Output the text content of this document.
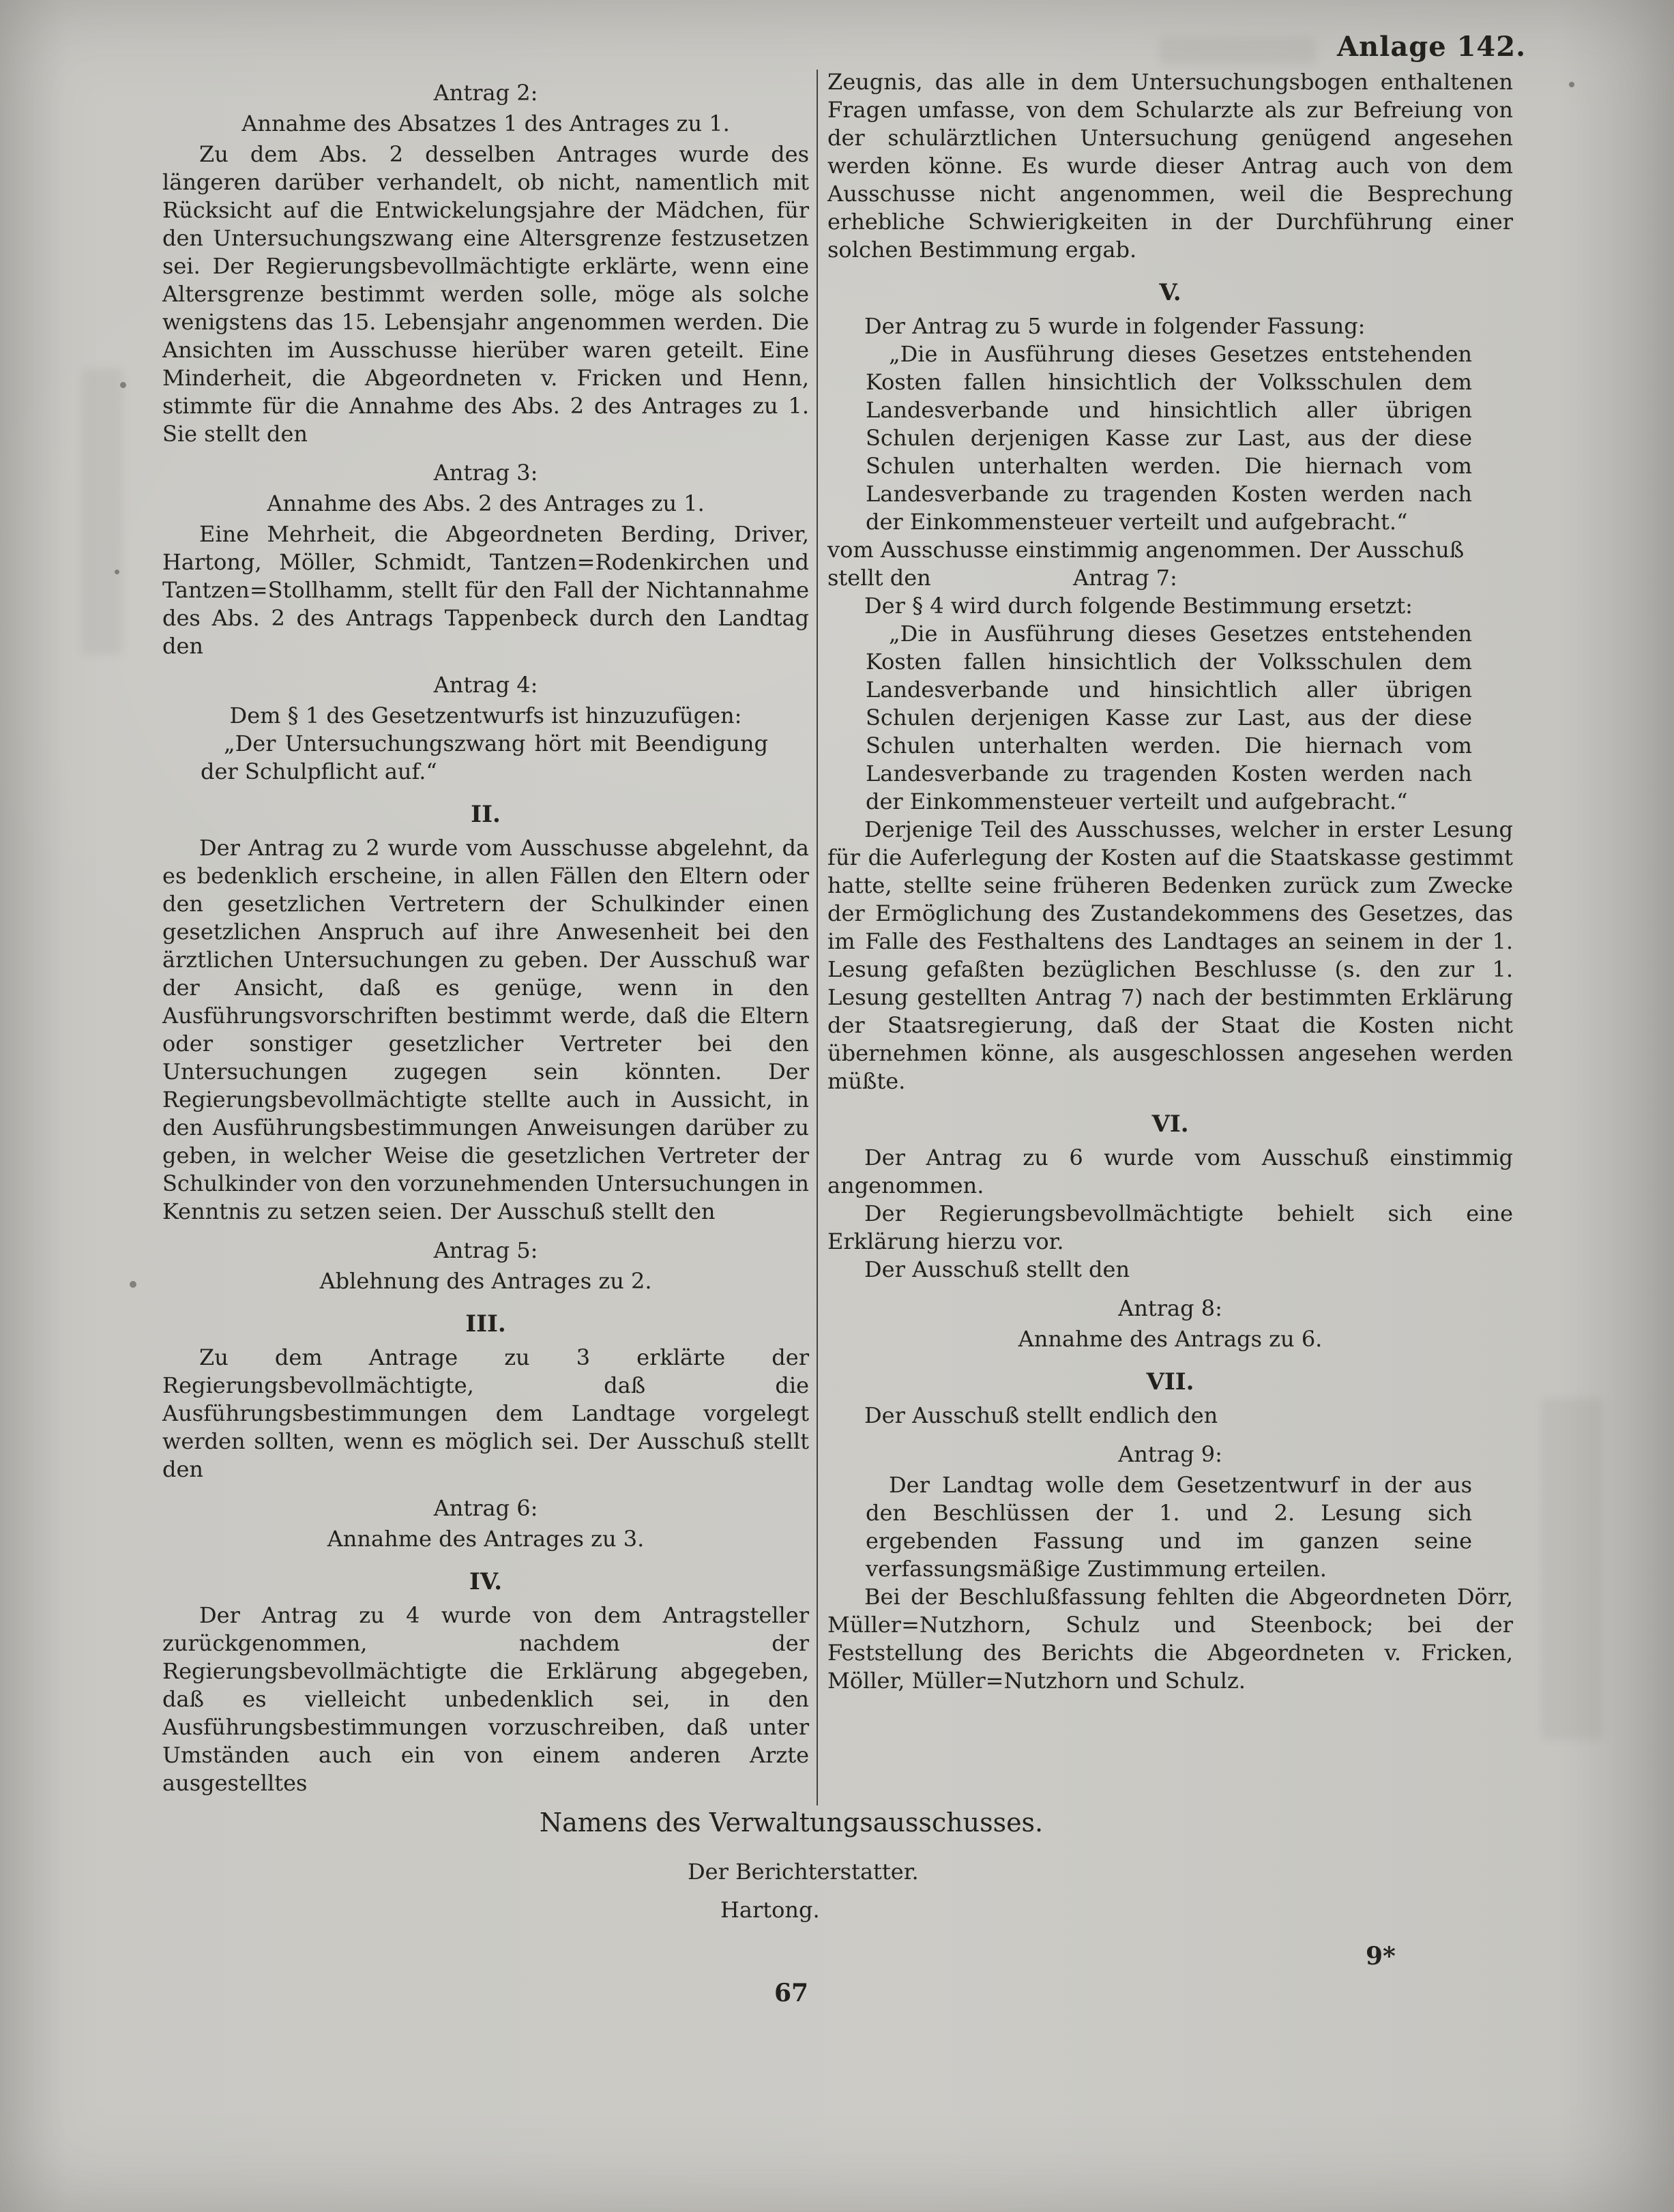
Anlage 142.
Antrag 2:
Annahme des Absatzes 1 des Antrages zu 1.
Zu dem Abs. 2 desselben Antrages wurde des längeren darüber verhandelt, ob nicht, namentlich mit Rücksicht auf die Entwickelungsjahre der Mädchen, für den Untersuchungszwang eine Altersgrenze festzusetzen sei. Der Regierungsbevollmächtigte erklärte, wenn eine Altersgrenze bestimmt werden solle, möge als solche wenigstens das 15. Lebensjahr angenommen werden. Die Ansichten im Ausschusse hierüber waren geteilt. Eine Minderheit, die Abgeordneten v. Fricken und Henn, stimmte für die Annahme des Abs. 2 des Antrages zu 1. Sie stellt den
Antrag 3:
Annahme des Abs. 2 des Antrages zu 1.
Eine Mehrheit, die Abgeordneten Berding, Driver, Hartong, Möller, Schmidt, Tantzen=Rodenkirchen und Tantzen=Stollhamm, stellt für den Fall der Nichtannahme des Abs. 2 des Antrags Tappenbeck durch den Landtag den
Antrag 4:
Dem § 1 des Gesetzentwurfs ist hinzuzufügen:
„Der Untersuchungszwang hört mit Beendigung der Schulpflicht auf.“
II.
Der Antrag zu 2 wurde vom Ausschusse abgelehnt, da es bedenklich erscheine, in allen Fällen den Eltern oder den gesetzlichen Vertretern der Schulkinder einen gesetzlichen Anspruch auf ihre Anwesenheit bei den ärztlichen Untersuchungen zu geben. Der Ausschuß war der Ansicht, daß es genüge, wenn in den Ausführungsvorschriften bestimmt werde, daß die Eltern oder sonstiger gesetzlicher Vertreter bei den Untersuchungen zugegen sein könnten. Der Regierungsbevollmächtigte stellte auch in Aussicht, in den Ausführungsbestimmungen Anweisungen darüber zu geben, in welcher Weise die gesetzlichen Vertreter der Schulkinder von den vorzunehmenden Untersuchungen in Kenntnis zu setzen seien. Der Ausschuß stellt den
Antrag 5:
Ablehnung des Antrages zu 2.
III.
Zu dem Antrage zu 3 erklärte der Regierungsbevollmächtigte, daß die Ausführungsbestimmungen dem Landtage vorgelegt werden sollten, wenn es möglich sei. Der Ausschuß stellt den
Antrag 6:
Annahme des Antrages zu 3.
IV.
Der Antrag zu 4 wurde von dem Antragsteller zurückgenommen, nachdem der Regierungsbevollmächtigte die Erklärung abgegeben, daß es vielleicht unbedenklich sei, in den Ausführungsbestimmungen vorzuschreiben, daß unter Umständen auch ein von einem anderen Arzte ausgestelltes
Zeugnis, das alle in dem Untersuchungsbogen enthaltenen Fragen umfasse, von dem Schularzte als zur Befreiung von der schulärztlichen Untersuchung genügend angesehen werden könne. Es wurde dieser Antrag auch von dem Ausschusse nicht angenommen, weil die Besprechung erhebliche Schwierigkeiten in der Durchführung einer solchen Bestimmung ergab.
V.
Der Antrag zu 5 wurde in folgender Fassung:
„Die in Ausführung dieses Gesetzes entstehenden Kosten fallen hinsichtlich der Volksschulen dem Landesverbande und hinsichtlich aller übrigen Schulen derjenigen Kasse zur Last, aus der diese Schulen unterhalten werden. Die hiernach vom Landesverbande zu tragenden Kosten werden nach der Einkommensteuer verteilt und aufgebracht.“
vom Ausschusse einstimmig angenommen. Der Ausschuß
stellt den	Antrag 7:
Der § 4 wird durch folgende Bestimmung ersetzt:
„Die in Ausführung dieses Gesetzes entstehenden Kosten fallen hinsichtlich der Volksschulen dem Landesverbande und hinsichtlich aller übrigen Schulen derjenigen Kasse zur Last, aus der diese Schulen unterhalten werden. Die hiernach vom Landesverbande zu tragenden Kosten werden nach der Einkommensteuer verteilt und aufgebracht.“
Derjenige Teil des Ausschusses, welcher in erster Lesung für die Auferlegung der Kosten auf die Staatskasse gestimmt hatte, stellte seine früheren Bedenken zurück zum Zwecke der Ermöglichung des Zustandekommens des Gesetzes, das im Falle des Festhaltens des Landtages an seinem in der 1. Lesung gefaßten bezüglichen Beschlusse (s. den zur 1. Lesung gestellten Antrag 7) nach der bestimmten Erklärung der Staatsregierung, daß der Staat die Kosten nicht übernehmen könne, als ausgeschlossen angesehen werden müßte.
VI.
Der Antrag zu 6 wurde vom Ausschuß einstimmig angenommen.
Der Regierungsbevollmächtigte behielt sich eine Erklärung hierzu vor.
Der Ausschuß stellt den
Antrag 8:
Annahme des Antrags zu 6.
VII.
Der Ausschuß stellt endlich den
Antrag 9:
Der Landtag wolle dem Gesetzentwurf in der aus den Beschlüssen der 1. und 2. Lesung sich ergebenden Fassung und im ganzen seine verfassungsmäßige Zustimmung erteilen.
Bei der Beschlußfassung fehlten die Abgeordneten Dörr, Müller=Nutzhorn, Schulz und Steenbock; bei der Feststellung des Berichts die Abgeordneten v. Fricken, Möller, Müller=Nutzhorn und Schulz.
Namens des Verwaltungsausschusses.
Der Berichterstatter.
Hartong.
9*
67
